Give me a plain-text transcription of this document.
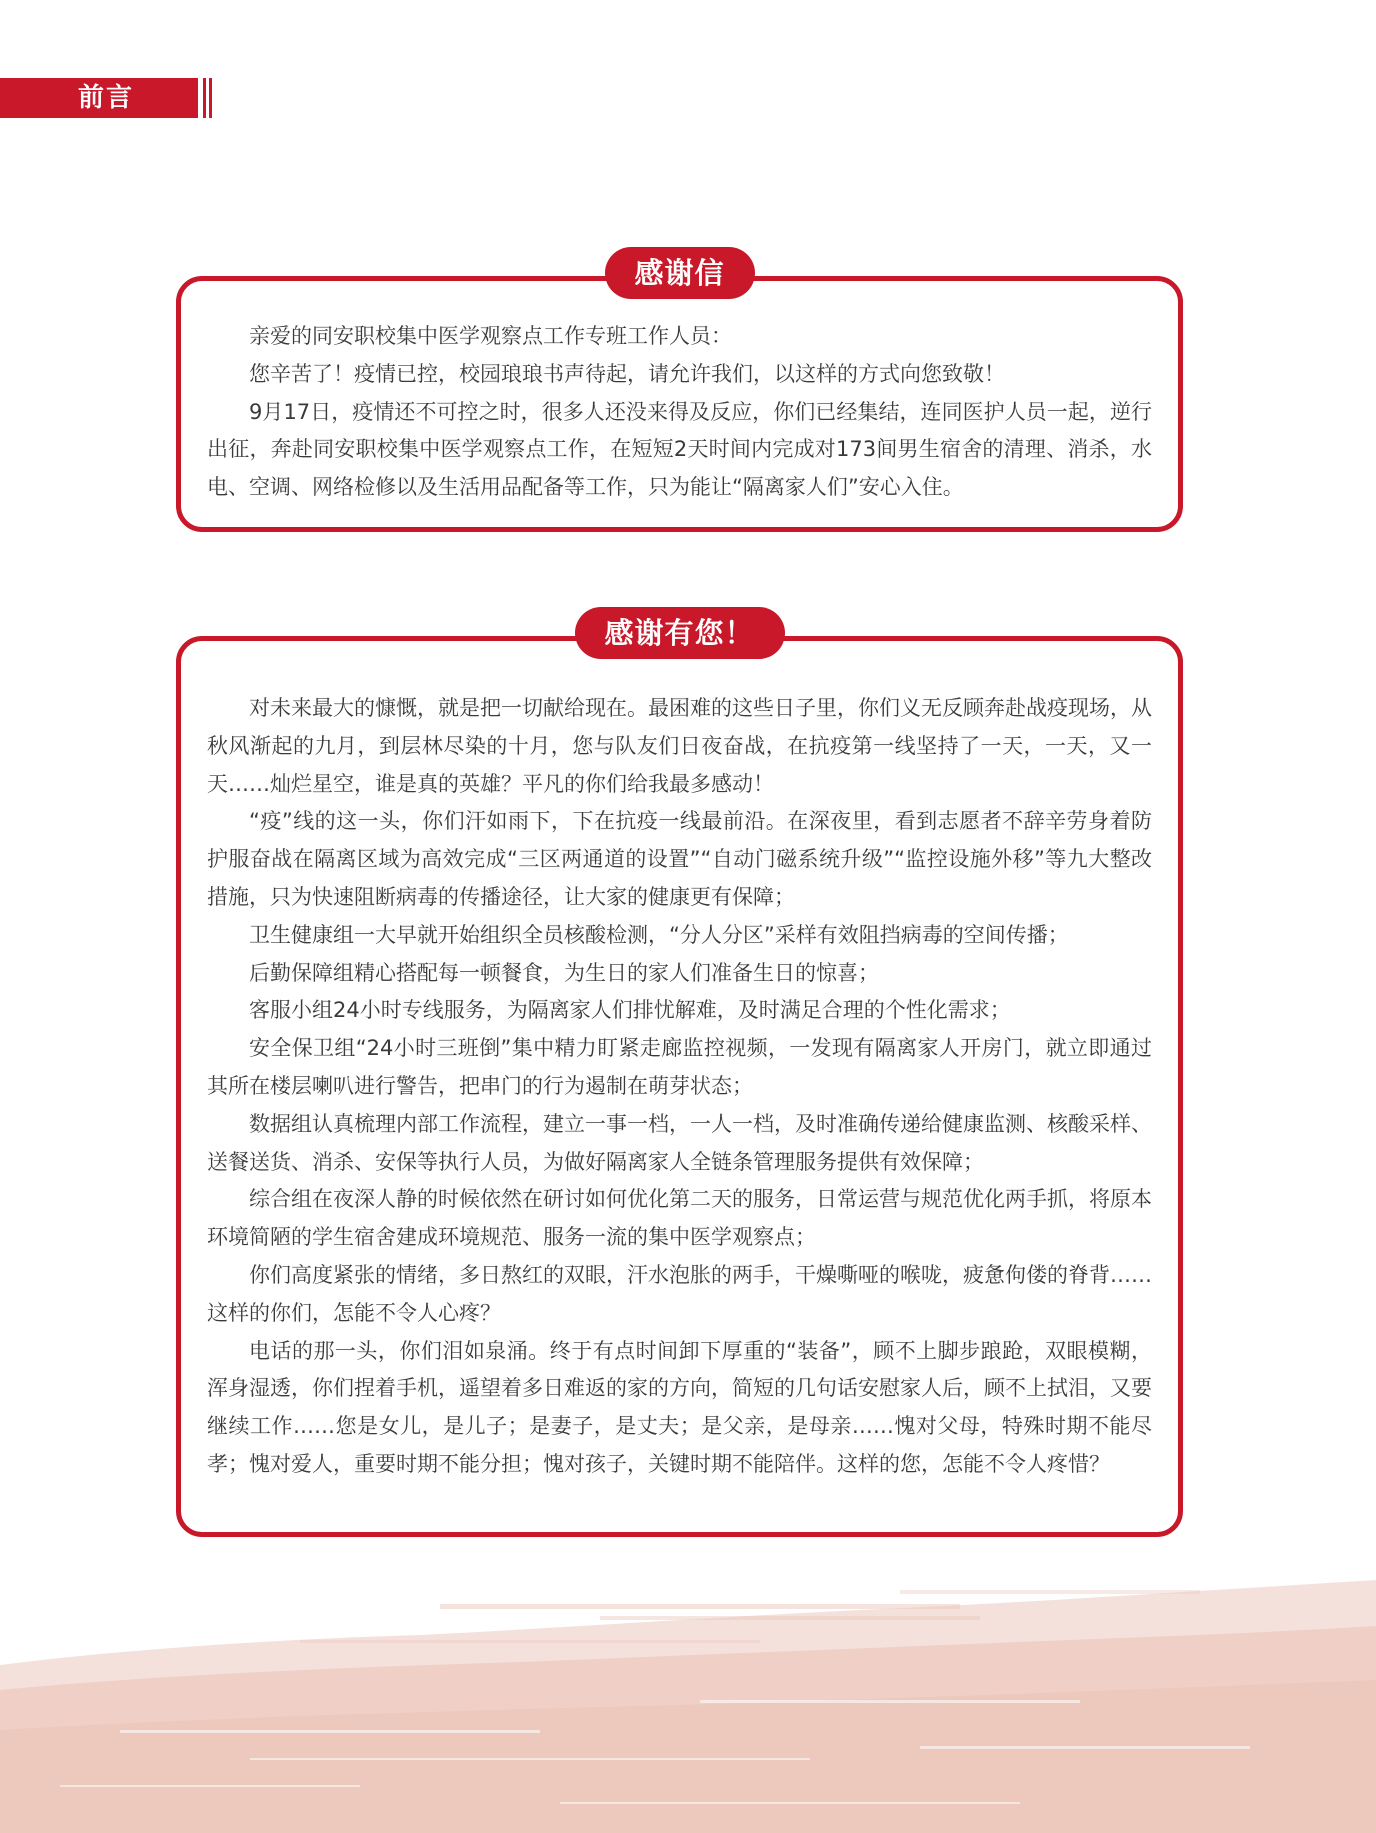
前言
感谢信

亲爱的同安职校集中医学观察点工作专班工作人员：

您辛苦了！疫情已控，校园琅琅书声待起，请允许我们，以这样的方式向您致敬！

9月17日，疫情还不可控之时，很多人还没来得及反应，你们已经集结，连同医护人员一起，逆行出征，奔赴同安职校集中医学观察点工作，在短短2天时间内完成对173间男生宿舍的清理、消杀，水电、空调、网络检修以及生活用品配备等工作，只为能让“隔离家人们”安心入住。

感谢有您！

对未来最大的慷慨，就是把一切献给现在。最困难的这些日子里，你们义无反顾奔赴战疫现场，从秋风渐起的九月，到层林尽染的十月，您与队友们日夜奋战，在抗疫第一线坚持了一天，一天，又一天……灿烂星空，谁是真的英雄？平凡的你们给我最多感动！

“疫”线的这一头，你们汗如雨下，下在抗疫一线最前沿。在深夜里，看到志愿者不辞辛劳身着防护服奋战在隔离区域为高效完成“三区两通道的设置”“自动门磁系统升级”“监控设施外移”等九大整改措施，只为快速阻断病毒的传播途径，让大家的健康更有保障；

卫生健康组一大早就开始组织全员核酸检测，“分人分区”采样有效阻挡病毒的空间传播；

后勤保障组精心搭配每一顿餐食，为生日的家人们准备生日的惊喜；

客服小组24小时专线服务，为隔离家人们排忧解难，及时满足合理的个性化需求；

安全保卫组“24小时三班倒”集中精力盯紧走廊监控视频，一发现有隔离家人开房门，就立即通过其所在楼层喇叭进行警告，把串门的行为遏制在萌芽状态；

数据组认真梳理内部工作流程，建立一事一档，一人一档，及时准确传递给健康监测、核酸采样、送餐送货、消杀、安保等执行人员，为做好隔离家人全链条管理服务提供有效保障；

综合组在夜深人静的时候依然在研讨如何优化第二天的服务，日常运营与规范优化两手抓，将原本环境简陋的学生宿舍建成环境规范、服务一流的集中医学观察点；

你们高度紧张的情绪，多日熬红的双眼，汗水泡胀的两手，干燥嘶哑的喉咙，疲惫佝偻的脊背……这样的你们，怎能不令人心疼？

电话的那一头，你们泪如泉涌。终于有点时间卸下厚重的“装备”，顾不上脚步踉跄，双眼模糊，浑身湿透，你们捏着手机，遥望着多日难返的家的方向，简短的几句话安慰家人后，顾不上拭泪，又要继续工作……您是女儿，是儿子；是妻子，是丈夫；是父亲，是母亲……愧对父母，特殊时期不能尽孝；愧对爱人，重要时期不能分担；愧对孩子，关键时期不能陪伴。这样的您，怎能不令人疼惜？
